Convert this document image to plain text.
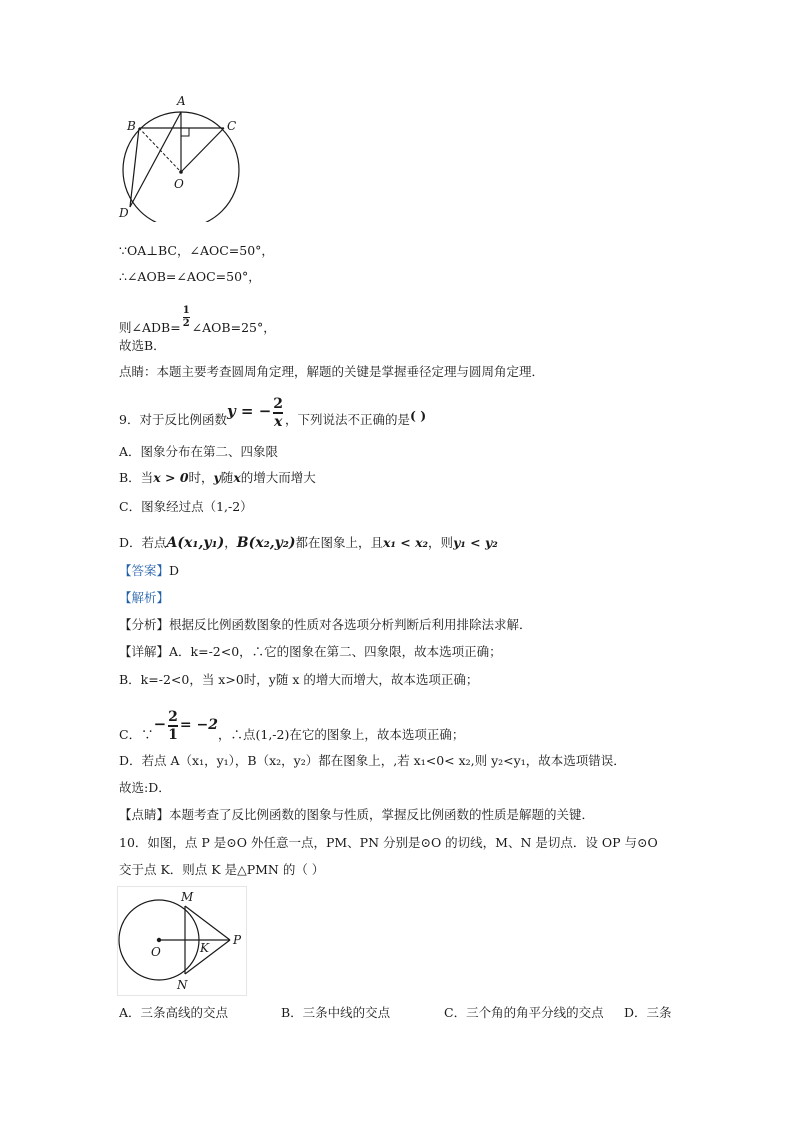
A
B	C
O
D
∵OA⊥BC，∠AOC=50°，
∴∠AOB=∠AOC=50°，
则∠ADB= $\frac{1}{2}$ ∠AOB=25°，
故选B．
点睛：本题主要考查圆周角定理，解题的关键是掌握垂径定理与圆周角定理．
9．对于反比例函数y = − $\frac{2}{x}$ ，下列说法不正确的是( )
A．图象分布在第二、四象限
B．当x > 0时，y随x的增大而增大
C．图象经过点（1,-2）
D．若点A(x₁,y₁)，B(x₂,y₂)都在图象上，且x₁ < x₂，则y₁ < y₂
【答案】D
【解析】
【分析】根据反比例函数图象的性质对各选项分析判断后利用排除法求解．
【详解】A．k=-2<0，∴它的图象在第二、四象限，故本选项正确；
B．k=-2<0，当 x>0时，y随 x 的增大而增大，故本选项正确；
C．∵− $\frac{2}{1} = -2$，∴点(1,-2)在它的图象上，故本选项正确；
D．若点 A（x₁，y₁），B（x₂，y₂）都在图象上，,若 x₁<0< x₂,则 y₂<y₁，故本选项错误．
故选:D．
【点睛】本题考查了反比例函数的图象与性质，掌握反比例函数的性质是解题的关键．
10．如图，点 P 是⊙O 外任意一点，PM、PN 分别是⊙O 的切线，M、N 是切点．设 OP 与⊙O
交于点 K．则点 K 是△PMN 的（ ）
M
O	K
P
N
A．三条高线的交点	B．三条中线的交点	C．三个角的角平分线的交点 D．三条
